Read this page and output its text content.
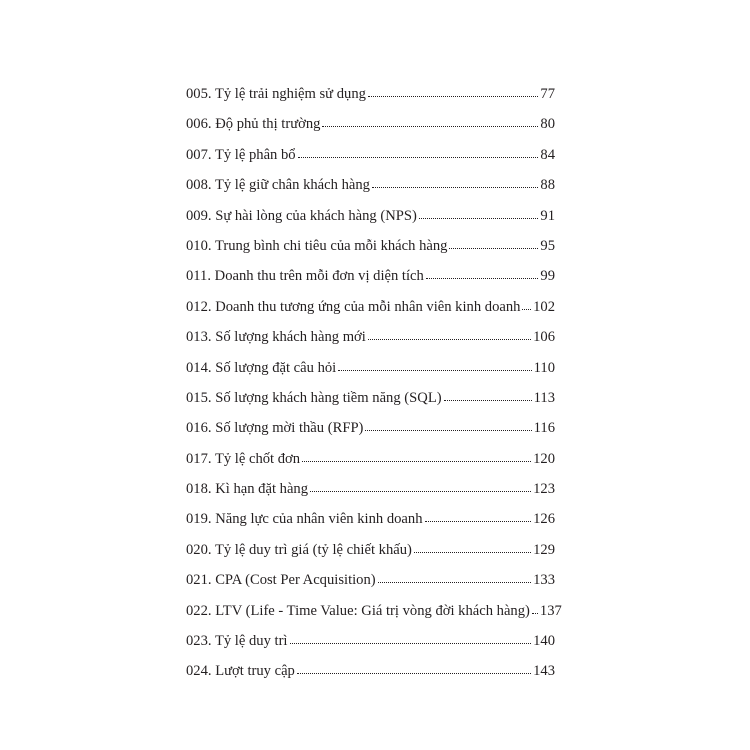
005. Tỷ lệ trải nghiệm sử dụng	77
006. Độ phủ thị trường	80
007. Tỷ lệ phân bổ	84
008. Tỷ lệ giữ chân khách hàng	88
009. Sự hài lòng của khách hàng (NPS)	91
010. Trung bình chi tiêu của mỗi khách hàng	95
011. Doanh thu trên mỗi đơn vị diện tích	99
012. Doanh thu tương ứng của mỗi nhân viên kinh doanh 102
013. Số lượng khách hàng mới	106
014. Số lượng đặt câu hỏi	110
015. Số lượng khách hàng tiềm năng (SQL)	113
016. Số lượng mời thầu (RFP)	116
017. Tỷ lệ chốt đơn	120
018. Kì hạn đặt hàng	123
019. Năng lực của nhân viên kinh doanh	126
020. Tỷ lệ duy trì giá (tỷ lệ chiết khấu)	129
021. CPA (Cost Per Acquisition)	133
022. LTV (Life - Time Value: Giá trị vòng đời khách hàng) 137
023. Tỷ lệ duy trì	140
024. Lượt truy cập	143
